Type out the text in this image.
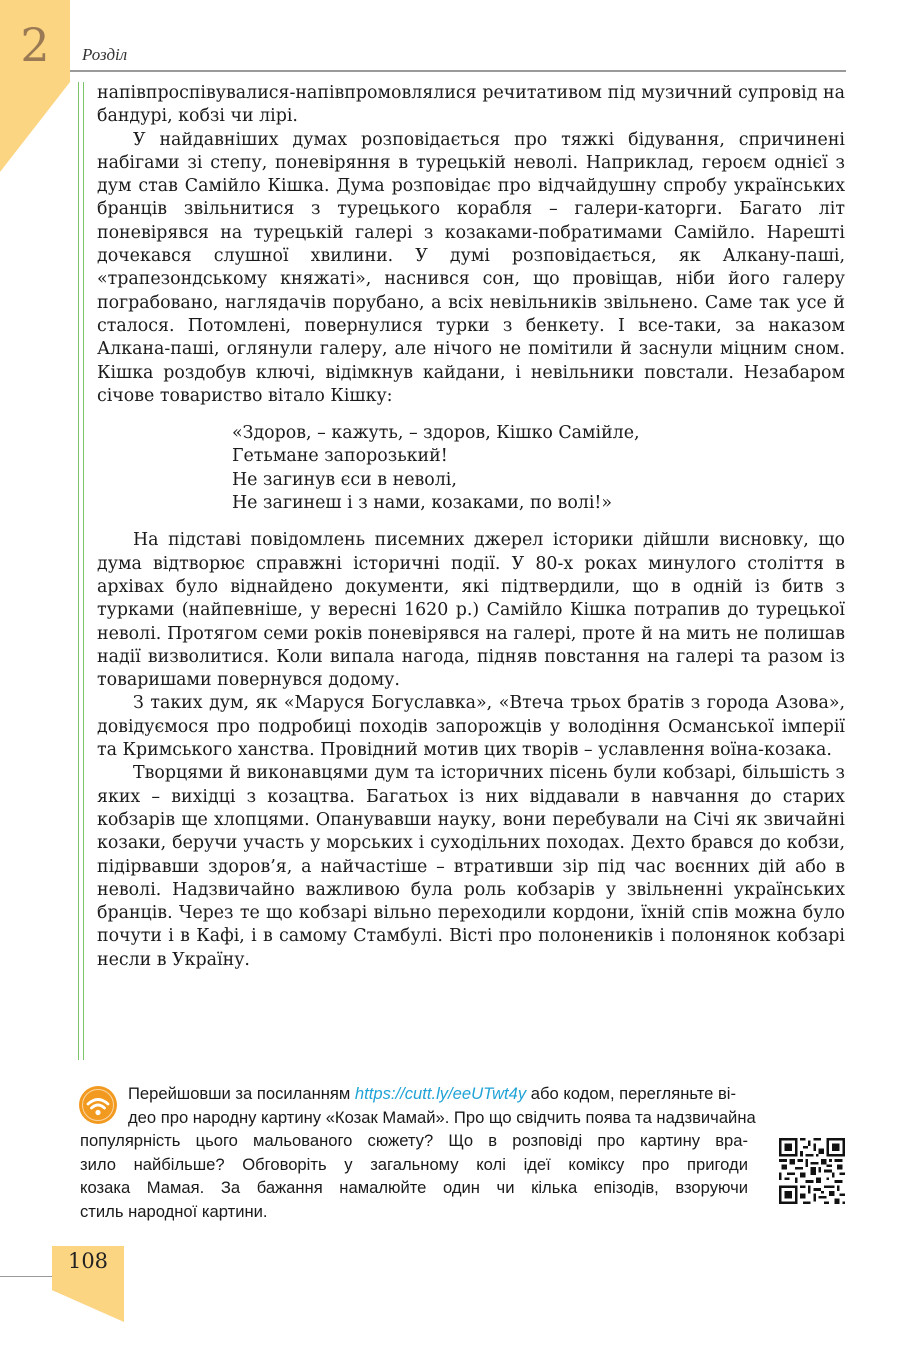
2	Розділ

напівпроспівувалися-напівпромовлялися речитативом під музичний супровід на бандурі, кобзі чи лірі.

У найдавніших думах розповідається про тяжкі бідування, спричинені набігами зі степу, поневіряння в турецькій неволі. Наприклад, героєм однієї з дум став Самійло Кішка. Дума розповідає про відчайдушну спробу українських бранців звільнитися з турецького корабля – галери-каторги. Багато літ поневірявся на турецькій галері з козаками-побратимами Самійло. Нарешті дочекався слушної хвилини. У думі розповідається, як Алкану-паші, «трапезондському княжаті», наснився сон, що провіщав, ніби його галеру пограбовано, наглядачів порубано, а всіх невільників звільнено. Саме так усе й сталося. Потомлені, повернулися турки з бенкету. І все-таки, за наказом Алкана-паші, оглянули галеру, але нічого не помітили й заснули міцним сном. Кішка роздобув ключі, відімкнув кайдани, і невільники повстали. Незабаром січове товариство вітало Кішку:

«Здоров, – кажуть, – здоров, Кішко Самійле,
Гетьмане запорозький!
Не загинув єси в неволі,
Не загинеш і з нами, козаками, по волі!»

На підставі повідомлень писемних джерел історики дійшли висновку, що дума відтворює справжні історичні події. У 80-х роках минулого століття в архівах було віднайдено документи, які підтвердили, що в одній із битв з турками (найпевніше, у вересні 1620 р.) Самійло Кішка потрапив до турецької неволі. Протягом семи років поневірявся на галері, проте й на мить не полишав надії визволитися. Коли випала нагода, підняв повстання на галері та разом із товаришами повернувся додому.

З таких дум, як «Маруся Богуславка», «Втеча трьох братів з города Азова», довідуємося про подробиці походів запорожців у володіння Османської імперії та Кримського ханства. Провідний мотив цих творів – уславлення воїна-козака.

Творцями й виконавцями дум та історичних пісень були кобзарі, більшість з яких – вихідці з козацтва. Багатьох із них віддавали в навчання до старих кобзарів ще хлопцями. Опанувавши науку, вони перебували на Січі як звичайні козаки, беручи участь у морських і суходільних походах. Дехто брався до кобзи, підірвавши здоров’я, а найчастіше – втративши зір під час воєнних дій або в неволі. Надзвичайно важливою була роль кобзарів у звільненні українських бранців. Через те що кобзарі вільно переходили кордони, їхній спів можна було почути і в Кафі, і в самому Стамбулі. Вісті про полонеників і полонянок кобзарі несли в Україну.

Перейшовши за посиланням https://cutt.ly/eeUTwt4y або кодом, перегляньте ві-
део про народну картину «Козак Мамай». Про що свідчить поява та надзвичайна
популярність цього мальованого сюжету? Що в розповіді про картину вра-
зило найбільше? Обговоріть у загальному колі ідеї коміксу про пригоди
козака Мамая. За бажання намалюйте один чи кілька епізодів, взоруючи
стиль народної картини.
108
